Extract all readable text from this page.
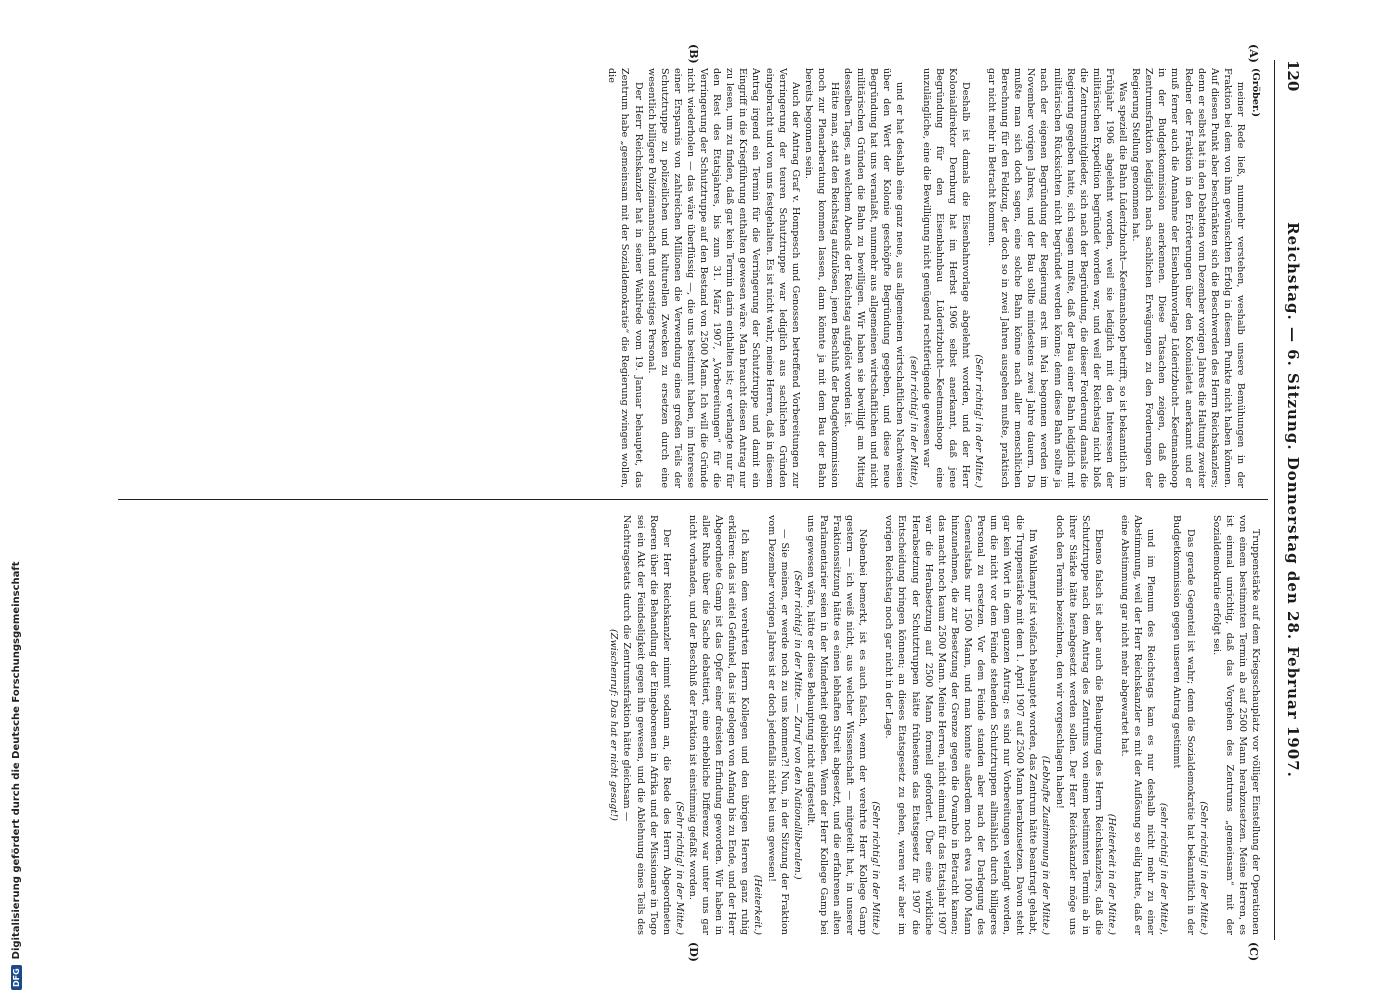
120
Reichstag. — 6. Sitzung. Donnerstag den 28. Februar 1907.
(A)
(B)
(C)
(D)

(Gröber.)

meiner Rede ließ, nunmehr verstehen, weshalb unsere Bemühungen in der Fraktion bei dem von ihm gewünschten Erfolg in diesem Punkte nicht haben können. Auf diesen Punkt aber beschränkten sich die Beschwerden des Herrn Reichskanzlers; denn er selbst hat in den Debatten vom Dezember vorigen Jahres die Haltung zweiter Redner der Fraktion in den Erörterungen über den Kolonialetat anerkannt und er muß ferner auch die Annahme der Eisenbahnvorlage Lüderitzbucht—Keetmanshoop in der Budgetkommission anerkennen. Diese Tatsachen zeigen, daß die Zentrumsfraktion lediglich nach sachlichen Erwägungen zu den Forderungen der Regierung Stellung genommen hat.

Was speziell die Bahn Lüderitzbucht—Keetmanshoop betrifft, so ist bekanntlich im Frühjahr 1906 abgelehnt worden, weil sie lediglich mit den Interessen der militärischen Expedition begründet worden war, und weil der Reichstag nicht bloß die Zentrumsmitglieder, sich nach der Begründung, die dieser Forderung damals die Regierung gegeben hatte, sich sagen mußte, daß der Bau einer Bahn lediglich mit militärischen Rücksichten nicht begründet werden könne; denn diese Bahn sollte ja nach der eigenen Begründung der Regierung erst im Mai begonnen werden im November vorigen Jahres, und der Bau sollte mindestens zwei Jahre dauern. Da mußte man sich doch sagen, eine solche Bahn könne nach aller menschlichen Berechnung für den Feldzug, der doch so in zwei Jahren ausgehen mußte, praktisch gar nicht mehr in Betracht kommen.

(Sehr richtig! in der Mitte.)

Deshalb ist damals die Eisenbahnvorlage abgelehnt worden, und der Herr Kolonialdirektor Dernburg hat im Herbst 1906 selbst anerkannt, daß jene Begründung für den Eisenbahnbau Lüderitzbucht—Keetmanshoop eine unzulängliche, eine die Bewilligung nicht genügend rechtfertigende gewesen war

(sehr richtig! in der Mitte),

und er hat deshalb eine ganz neue, aus allgemeinen wirtschaftlichen Nachweisen über den Wert der Kolonie geschöpfte Begründung gegeben, und diese neue Begründung hat uns veranlaßt, nunmehr aus allgemeinen wirtschaftlichen und nicht militärischen Gründen die Bahn zu bewilligen. Wir haben sie bewilligt am Mittag desselben Tages, an welchem Abends der Reichstag aufgelöst worden ist.

Hätte man, statt den Reichstag aufzulösen, jenen Beschluß der Budgetkommission noch zur Plenarberatung kommen lassen, dann könnte ja mit dem Bau der Bahn bereits begonnen sein.

Auch der Antrag Graf v. Hompesch und Genossen betreffend Vorbereitungen zur Verringerung der teuren Schutztruppe war lediglich aus sachlichen Gründen eingebracht und von uns festgehalten. Es ist nicht wahr, meine Herren, daß in diesem Antrag irgend ein Termin für die Verringerung der Schutztruppe und damit ein Eingriff in die Kriegführung enthalten gewesen wäre. Man braucht diesen Antrag nur zu lesen, um zu finden, daß gar kein Termin darin enthalten ist; er verlangte nur für den Rest des Etatsjahres, bis zum 31. März 1907, „Vorbereitungen“ für die Verringerung der Schutztruppe auf den Bestand von 2500 Mann. Ich will die Gründe nicht wiederholen — das wäre überflüssig —, die uns bestimmt haben, im Interesse einer Ersparnis von zahlreichen Millionen die Verwendung eines großen Teils der Schutztruppe zu polizeilichen und kulturellen Zwecken zu ersetzen durch eine wesentlich billigere Polizeimannschaft und sonstiges Personal.

Der Herr Reichskanzler hat in seiner Wahlrede vom 19. Januar behauptet, das Zentrum habe „gemeinsam mit der Sozialdemokratie“ die Regierung zwingen wollen, die

Truppenstärke auf dem Kriegsschauplatz vor völliger Einstellung der Operationen von einem bestimmten Termin ab auf 2500 Mann herabzusetzen. Meine Herren, es ist einmal unrichtig, daß das Vorgehen des Zentrums „gemeinsam“ mit der Sozialdemokratie erfolgt sei.

(Sehr richtig! in der Mitte.)

Das gerade Gegenteil ist wahr; denn die Sozialdemokratie hat bekanntlich in der Budgetkommission gegen unseren Antrag gestimmt

(sehr richtig! in der Mitte),

und im Plenum des Reichstags kam es nur deshalb nicht mehr zu einer Abstimmung, weil der Herr Reichskanzler es mit der Auflösung so eilig hatte, daß er eine Abstimmung gar nicht mehr abgewartet hat.

(Heiterkeit in der Mitte.)

Ebenso falsch ist aber auch die Behauptung des Herrn Reichskanzlers, daß die Schutztruppe nach dem Antrag des Zentrums von einem bestimmten Termin ab in ihrer Stärke hätte herabgesetzt werden sollen. Der Herr Reichskanzler möge uns doch den Termin bezeichnen, den wir vorgeschlagen haben!

(Lebhafte Zustimmung in der Mitte.)

Im Wahlkampf ist vielfach behauptet worden, das Zentrum hätte beantragt gehabt, die Truppenstärke mit dem 1. April 1907 auf 2500 Mann herabzusetzen. Davon steht gar kein Wort in dem ganzen Antrag; es sind nur Vorbereitungen verlangt worden, um die nicht vor dem Feinde stehenden Schutztruppen allmählich durch billigeres Personal zu ersetzen. Vor dem Feinde standen aber nach der Darlegung des Generalstabs nur 1500 Mann, und man konnte außerdem noch etwa 1000 Mann hinzunehmen, die zur Besetzung der Grenze gegen die Ovambo in Betracht kamen; das macht noch kaum 2500 Mann. Meine Herren, nicht einmal für das Etatsjahr 1907 war die Herabsetzung auf 2500 Mann formell gefordert. Über eine wirkliche Herabsetzung der Schutztruppen hätte frühestens das Etatsgesetz für 1907 die Entscheidung bringen können; an dieses Etatsgesetz zu gehen, waren wir aber im vorigen Reichstag noch gar nicht in der Lage.

(Sehr richtig! in der Mitte.)

Nebenbei bemerkt, ist es auch falsch, wenn der verehrte Herr Kollege Gamp gestern — ich weiß nicht, aus welcher Wissenschaft — mitgeteilt hat, in unserer Fraktionssitzung hätte es einen lebhaften Streit abgesetzt, und die erfahrenen alten Parlamentarier seien in der Minderheit geblieben. Wenn der Herr Kollege Gamp bei uns gewesen wäre, hätte er diese Behauptung nicht aufgestellt.

(Sehr richtig! in der Mitte. — Zuruf von den Nationalliberalen.)

— Sie meinen, er werde noch zu uns kommen?! Nun, in der Sitzung der Fraktion vom Dezember vorigen Jahres ist er doch jedenfalls nicht bei uns gewesen!

(Heiterkeit.)

Ich kann dem verehrten Herrn Kollegen und den übrigen Herren ganz ruhig erklären: das ist eitel Gefunkel, das ist gelogen von Anfang bis zu Ende, und der Herr Abgeordnete Gamp ist das Opfer einer dreisten Erfindung geworden. Wir haben in aller Ruhe über die Sache debattiert, eine erhebliche Differenz war unter uns gar nicht vorhanden, und der Beschluß der Fraktion ist einstimmig gefaßt worden.

(Sehr richtig! in der Mitte.)

Der Herr Reichskanzler nimmt sodann an, die Rede des Herrn Abgeordneten Roeren über die Behandlung der Eingeborenen in Afrika und der Missionare in Togo sei ein Akt der Feindseligkeit gegen ihn gewesen, und die Ablehnung eines Teils des Nachtragsetats durch die Zentrumsfraktion hätte gleichsam —

(Zwischenruf: Das hat er nicht gesagt!)

DFG
Digitalisierung gefördert durch die Deutsche Forschungsgemeinschaft
